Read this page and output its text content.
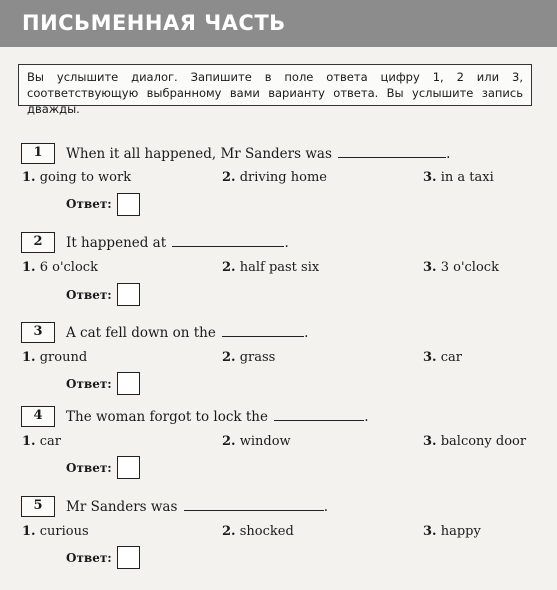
ПИСЬМЕННАЯ ЧАСТЬ
Вы услышите диалог. Запишите в поле ответа цифру 1, 2 или 3, соответствующую выбранному вами варианту ответа. Вы услышите запись дважды.
1	When it all happened, Mr Sanders was	.
1. going to work	2. driving home	3. in a taxi
Ответ:
2	It happened at	.
1. 6 o'clock	2. half past six	3. 3 o'clock
Ответ:
3	A cat fell down on the	.
1. ground	2. grass	3. car
Ответ:
4	The woman forgot to lock the	.
1. car	2. window	3. balcony door
Ответ:
5	Mr Sanders was	.
1. curious	2. shocked	3. happy
Ответ:
